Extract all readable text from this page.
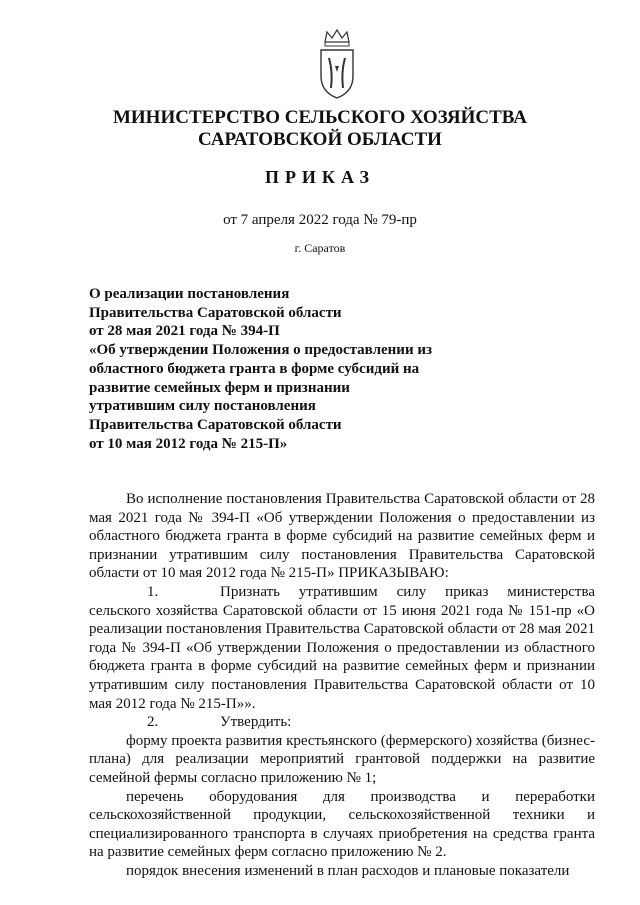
МИНИСТЕРСТВО СЕЛЬСКОГО ХОЗЯЙСТВА
САРАТОВСКОЙ ОБЛАСТИ
ПРИКАЗ
от 7 апреля 2022 года № 79-пр
г. Саратов
О реализации постановления
Правительства Саратовской области
от 28 мая 2021 года № 394-П
«Об утверждении Положения о предоставлении из
областного бюджета гранта в форме субсидий на
развитие семейных ферм и признании
утратившим силу постановления
Правительства Саратовской области
от 10 мая 2012 года № 215-П»

Во исполнение постановления Правительства Саратовской области от 28 мая 2021 года № 394-П «Об утверждении Положения о предоставлении из областного бюджета гранта в форме субсидий на развитие семейных ферм и признании утратившим силу постановления Правительства Саратовской области от 10 мая 2012 года № 215-П» ПРИКАЗЫВАЮ:

1.	Признать утратившим силу приказ министерства сельского хозяйства Саратовской области от 15 июня 2021 года № 151-пр «О реализации постановления Правительства Саратовской области от 28 мая 2021 года № 394-П «Об утверждении Положения о предоставлении из областного бюджета гранта в форме субсидий на развитие семейных ферм и признании утратившим силу постановления Правительства Саратовской области от 10 мая 2012 года № 215-П»».

2.	Утвердить:

форму проекта развития крестьянского (фермерского) хозяйства (бизнес-плана) для реализации мероприятий грантовой поддержки на развитие семейной фермы согласно приложению № 1;

перечень оборудования для производства и переработки сельскохозяйственной продукции, сельскохозяйственной техники и специализированного транспорта в случаях приобретения на средства гранта на развитие семейных ферм согласно приложению № 2.

порядок внесения изменений в план расходов и плановые показатели
